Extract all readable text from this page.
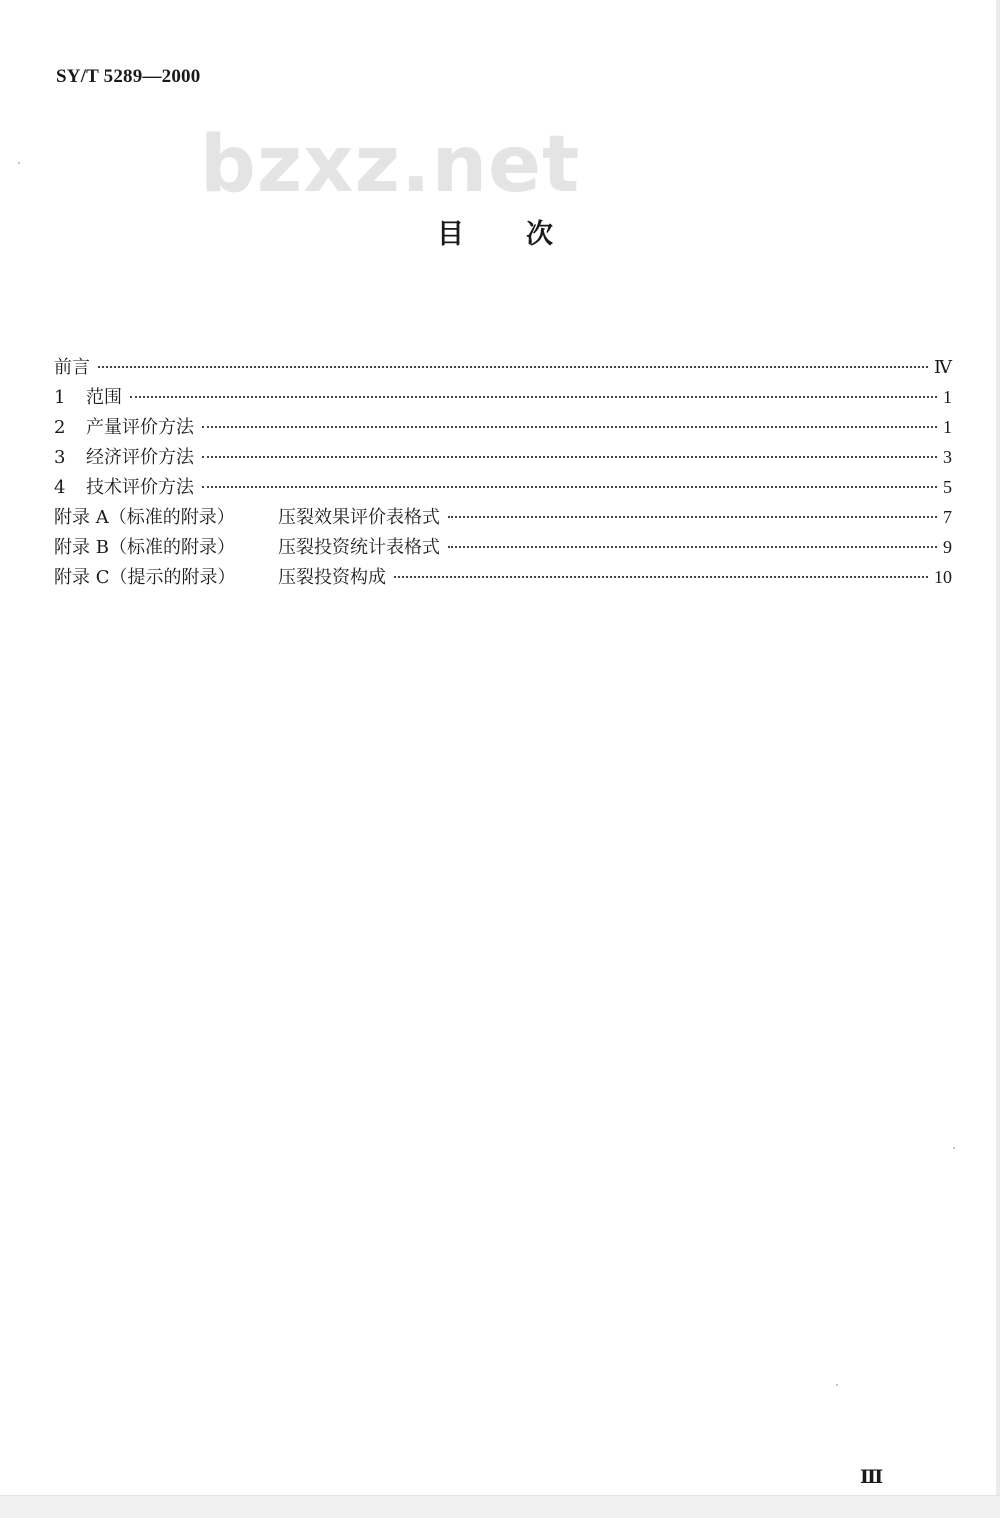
SY/T 5289—2000
bzxz.net
目次
前言	Ⅳ
1 范围	1
2 产量评价方法	1
3 经济评价方法	3
4 技术评价方法	5
附录 A（标准的附录） 压裂效果评价表格式	7
附录 B（标准的附录） 压裂投资统计表格式	9
附录 C（提示的附录） 压裂投资构成	10
Ⅲ
